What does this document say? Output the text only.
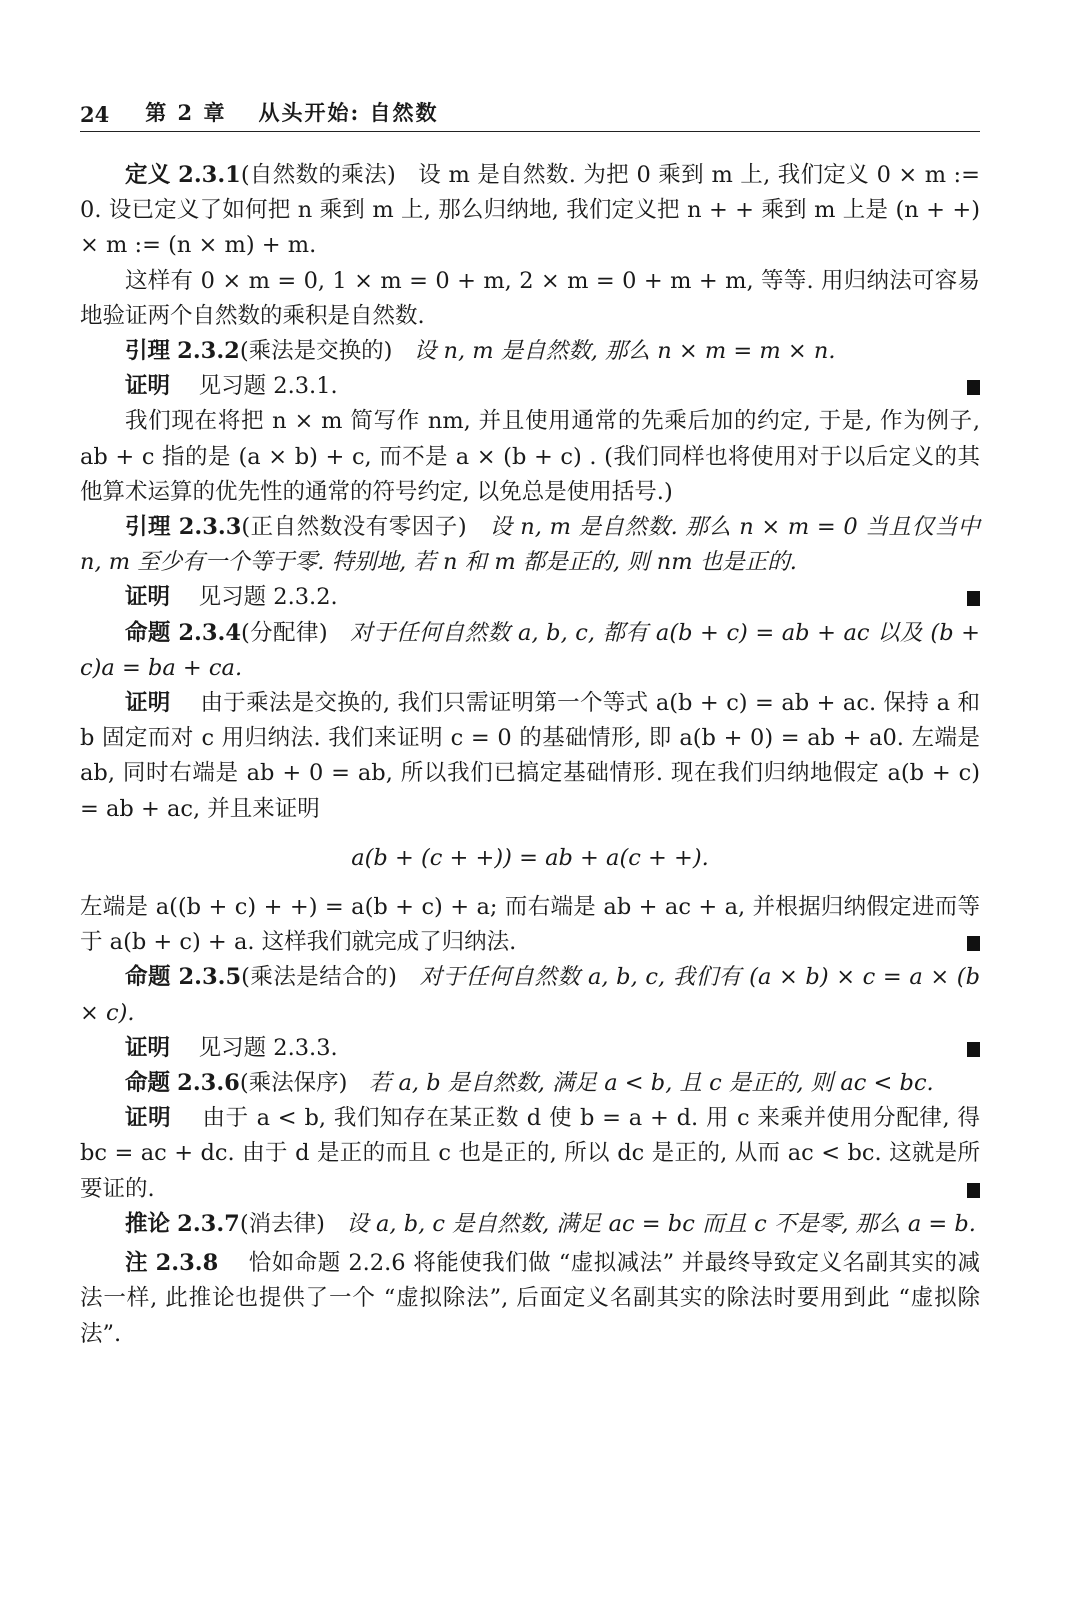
24 第 2 章 从头开始: 自然数

定义 2.3.1(自然数的乘法) 设 m 是自然数. 为把 0 乘到 m 上, 我们定义 0 × m := 0. 设已定义了如何把 n 乘到 m 上, 那么归纳地, 我们定义把 n + + 乘到 m 上是 (n + +) × m := (n × m) + m.

这样有 0 × m = 0, 1 × m = 0 + m, 2 × m = 0 + m + m, 等等. 用归纳法可容易地验证两个自然数的乘积是自然数.

引理 2.3.2(乘法是交换的) 设 n, m 是自然数, 那么 n × m = m × n.

证明 见习题 2.3.1.

我们现在将把 n × m 简写作 nm, 并且使用通常的先乘后加的约定, 于是, 作为例子, ab + c 指的是 (a × b) + c, 而不是 a × (b + c) . (我们同样也将使用对于以后定义的其他算术运算的优先性的通常的符号约定, 以免总是使用括号.)

引理 2.3.3(正自然数没有零因子) 设 n, m 是自然数. 那么 n × m = 0 当且仅当中 n, m 至少有一个等于零. 特别地, 若 n 和 m 都是正的, 则 nm 也是正的.

证明 见习题 2.3.2.

命题 2.3.4(分配律) 对于任何自然数 a, b, c, 都有 a(b + c) = ab + ac 以及 (b + c)a = ba + ca.

证明 由于乘法是交换的, 我们只需证明第一个等式 a(b + c) = ab + ac. 保持 a 和 b 固定而对 c 用归纳法. 我们来证明 c = 0 的基础情形, 即 a(b + 0) = ab + a0. 左端是 ab, 同时右端是 ab + 0 = ab, 所以我们已搞定基础情形. 现在我们归纳地假定 a(b + c) = ab + ac, 并且来证明

a(b + (c + +)) = ab + a(c + +).

左端是 a((b + c) + +) = a(b + c) + a; 而右端是 ab + ac + a, 并根据归纳假定进而等于 a(b + c) + a. 这样我们就完成了归纳法.

命题 2.3.5(乘法是结合的) 对于任何自然数 a, b, c, 我们有 (a × b) × c = a × (b × c).

证明 见习题 2.3.3.

命题 2.3.6(乘法保序) 若 a, b 是自然数, 满足 a < b, 且 c 是正的, 则 ac < bc.

证明 由于 a < b, 我们知存在某正数 d 使 b = a + d. 用 c 来乘并使用分配律, 得 bc = ac + dc. 由于 d 是正的而且 c 也是正的, 所以 dc 是正的, 从而 ac < bc. 这就是所要证的.

推论 2.3.7(消去律) 设 a, b, c 是自然数, 满足 ac = bc 而且 c 不是零, 那么 a = b.

注 2.3.8 恰如命题 2.2.6 将能使我们做 “虚拟减法” 并最终导致定义名副其实的减法一样, 此推论也提供了一个 “虚拟除法”, 后面定义名副其实的除法时要用到此 “虚拟除法”.
